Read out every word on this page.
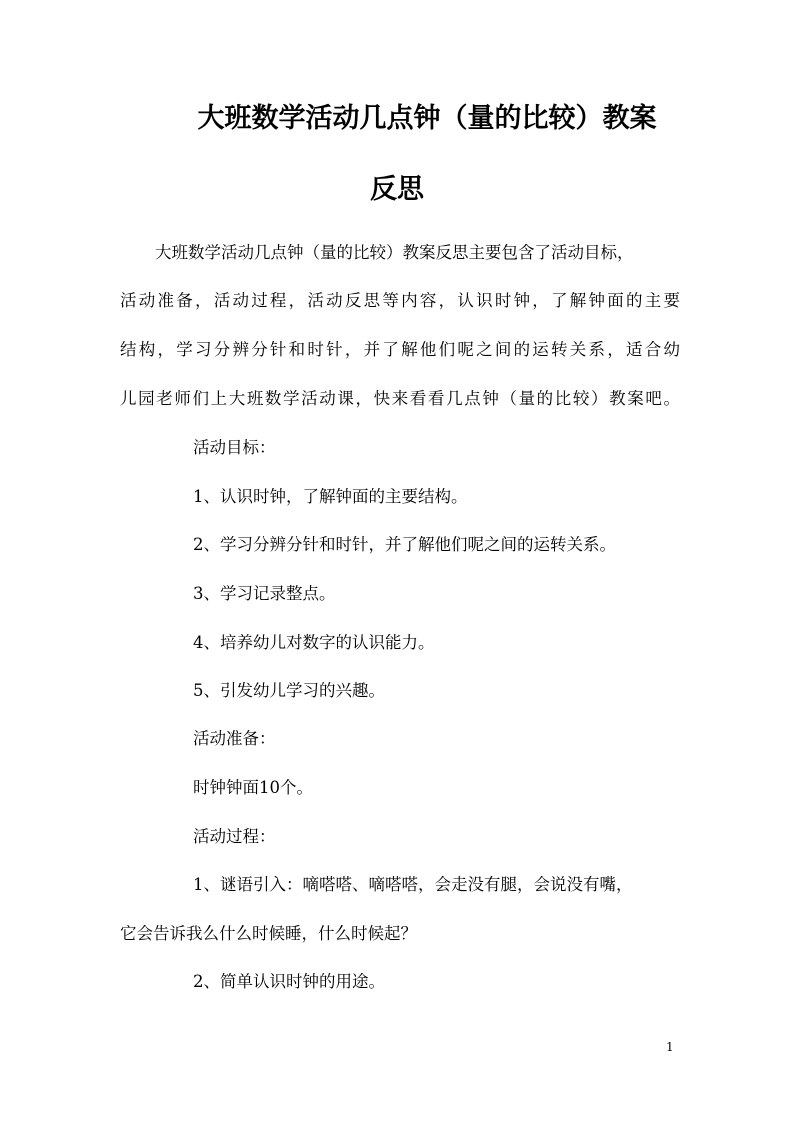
大班数学活动几点钟（量的比较）教案
反思
大班数学活动几点钟（量的比较）教案反思主要包含了活动目标，
活动准备，活动过程，活动反思等内容，认识时钟，了解钟面的主要
结构，学习分辨分针和时针，并了解他们呢之间的运转关系，适合幼
儿园老师们上大班数学活动课，快来看看几点钟（量的比较）教案吧。
活动目标：
1、认识时钟，了解钟面的主要结构。
2、学习分辨分针和时针，并了解他们呢之间的运转关系。
3、学习记录整点。
4、培养幼儿对数字的认识能力。
5、引发幼儿学习的兴趣。
活动准备：
时钟钟面10个。
活动过程：
1、谜语引入：嘀嗒嗒、嘀嗒嗒，会走没有腿，会说没有嘴，
它会告诉我么什么时候睡，什么时候起？
2、简单认识时钟的用途。
1
